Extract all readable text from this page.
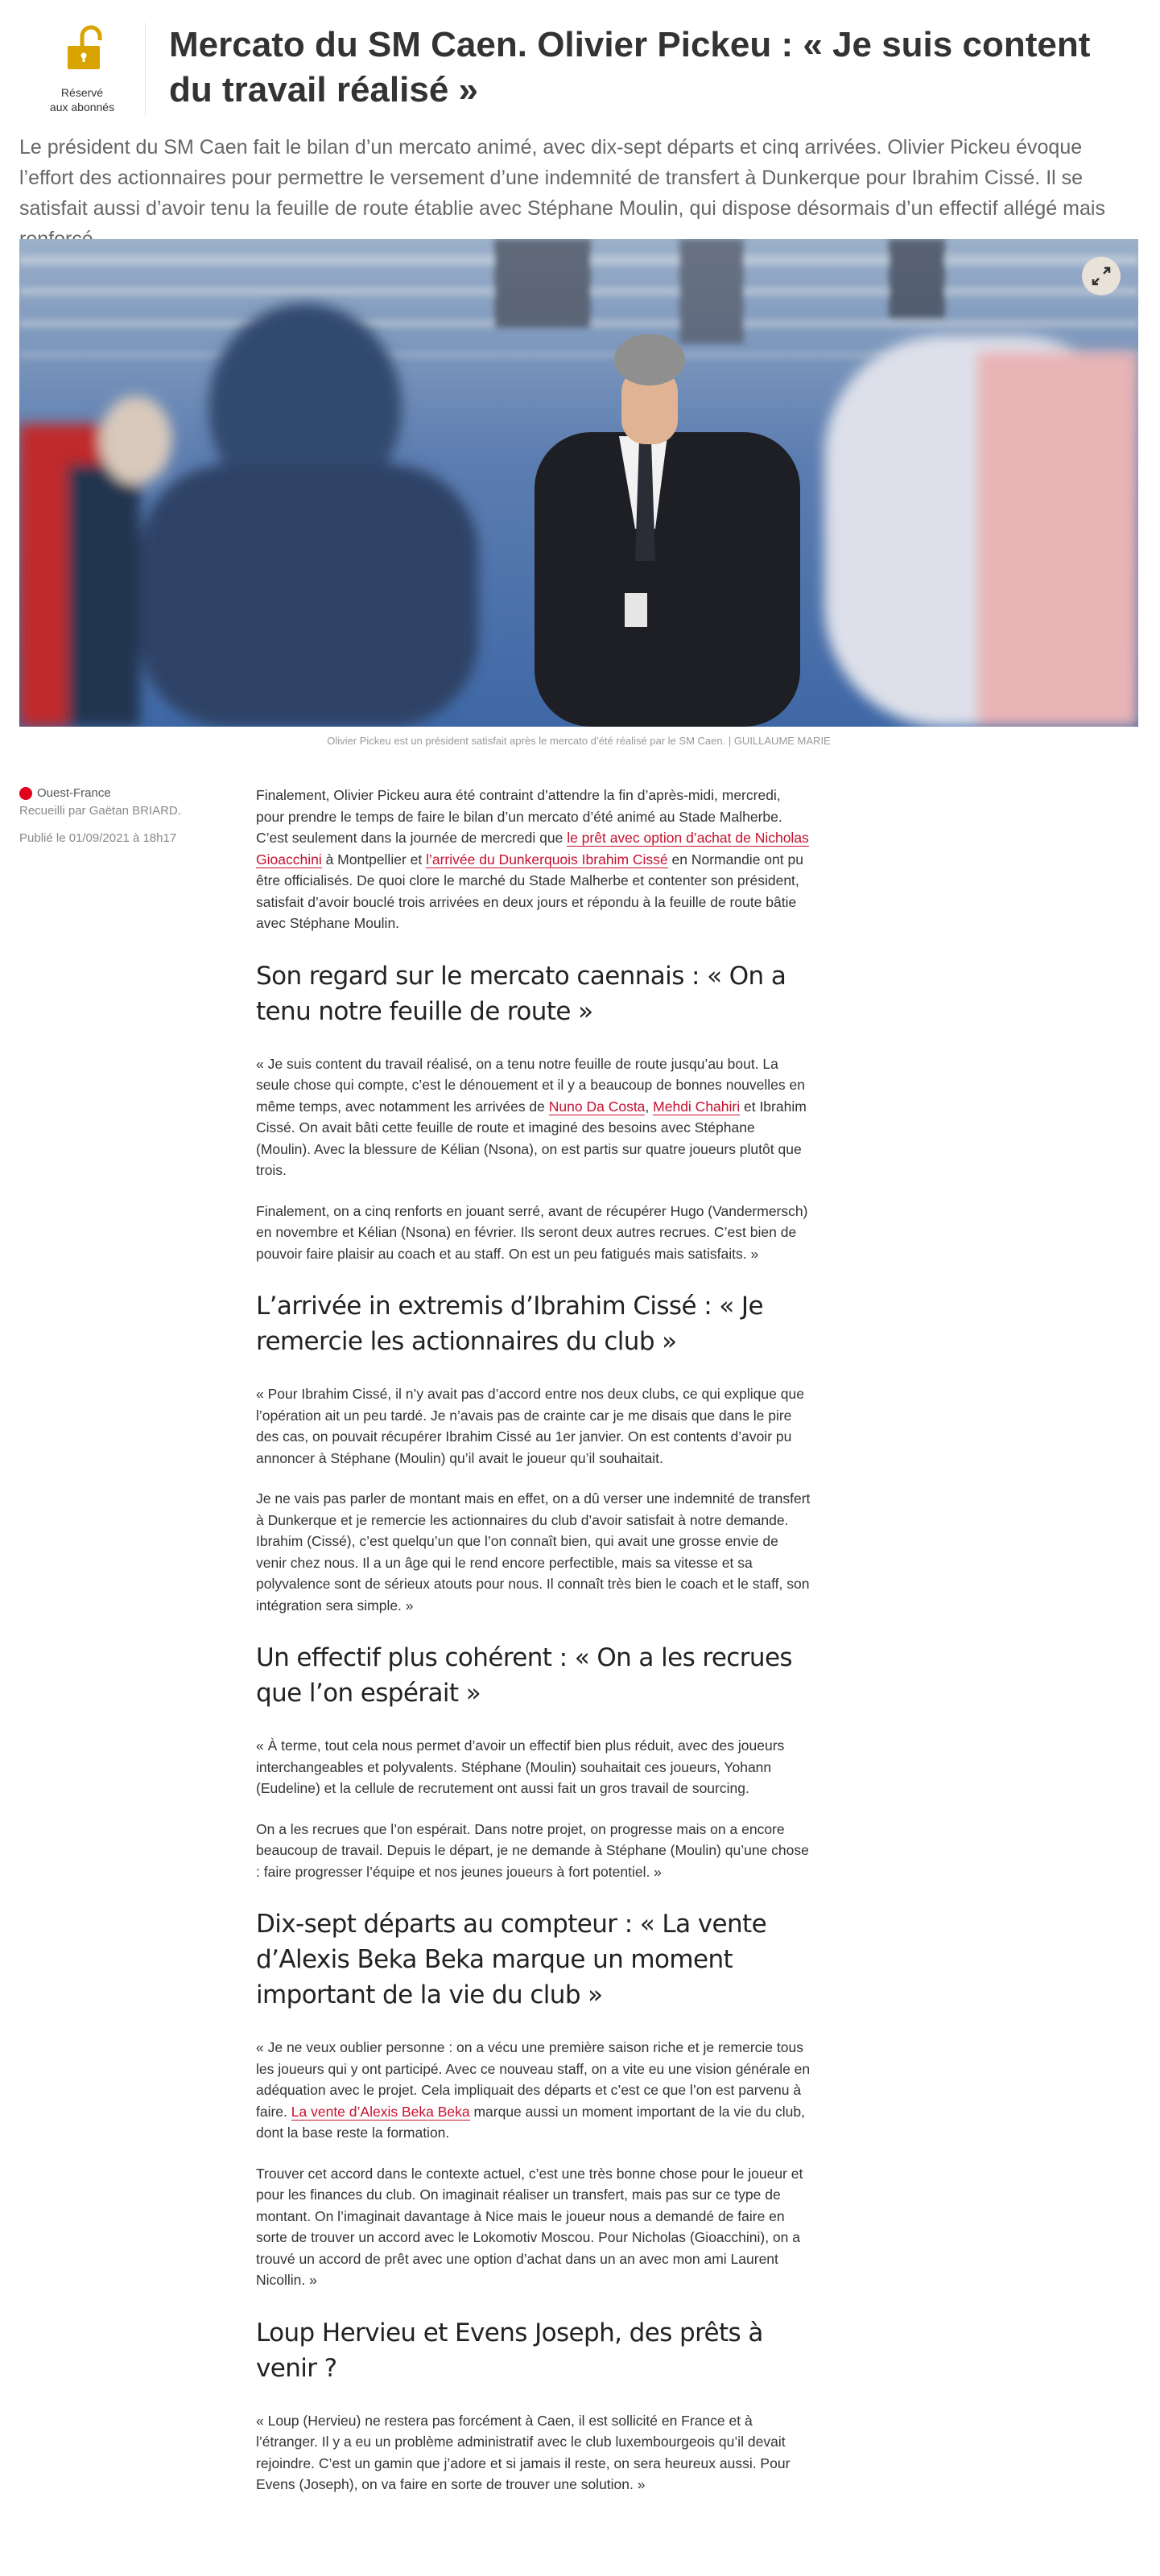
Réservé
aux abonnés
Mercato du SM Caen. Olivier Pickeu : « Je suis content du travail réalisé »

Le président du SM Caen fait le bilan d’un mercato animé, avec dix-sept départs et cinq arrivées. Olivier Pickeu évoque l’effort des actionnaires pour permettre le versement d’une indemnité de transfert à Dunkerque pour Ibrahim Cissé. Il se satisfait aussi d’avoir tenu la feuille de route établie avec Stéphane Moulin, qui dispose désormais d’un effectif allégé mais

Olivier Pickeu est un président satisfait après le mercato d’été réalisé par le SM Caen. | GUILLAUME MARIE
Ouest-France
Recueilli par Gaëtan BRIARD.
Publié le 01/09/2021 à 18h17

Finalement, Olivier Pickeu aura été contraint d’attendre la fin d’après-midi, mercredi, pour prendre le temps de faire le bilan d’un mercato d’été animé au Stade Malherbe. C’est seulement dans la journée de mercredi que le prêt avec option d’achat de Nicholas Gioacchini à Montpellier et l’arrivée du Dunkerquois Ibrahim Cissé en Normandie ont pu être officialisés. De quoi clore le marché du Stade Malherbe et contenter son président, satisfait d’avoir bouclé trois arrivées en deux jours et répondu à la feuille de route bâtie avec Stéphane Moulin.

Son regard sur le mercato caennais : « On a tenu notre feuille de route »

« Je suis content du travail réalisé, on a tenu notre feuille de route jusqu’au bout. La seule chose qui compte, c’est le dénouement et il y a beaucoup de bonnes nouvelles en même temps, avec notamment les arrivées de Nuno Da Costa, Mehdi Chahiri et Ibrahim Cissé. On avait bâti cette feuille de route et imaginé des besoins avec Stéphane (Moulin). Avec la blessure de Kélian (Nsona), on est partis sur quatre joueurs plutôt que trois.

Finalement, on a cinq renforts en jouant serré, avant de récupérer Hugo (Vandermersch) en novembre et Kélian (Nsona) en février. Ils seront deux autres recrues. C’est bien de pouvoir faire plaisir au coach et au staff. On est un peu fatigués mais satisfaits. »

L’arrivée in extremis d’Ibrahim Cissé : « Je remercie les actionnaires du club »

« Pour Ibrahim Cissé, il n’y avait pas d’accord entre nos deux clubs, ce qui explique que l’opération ait un peu tardé. Je n’avais pas de crainte car je me disais que dans le pire des cas, on pouvait récupérer Ibrahim Cissé au 1er janvier. On est contents d’avoir pu annoncer à Stéphane (Moulin) qu’il avait le joueur qu’il souhaitait.

Je ne vais pas parler de montant mais en effet, on a dû verser une indemnité de transfert à Dunkerque et je remercie les actionnaires du club d’avoir satisfait à notre demande. Ibrahim (Cissé), c’est quelqu’un que l’on connaît bien, qui avait une grosse envie de venir chez nous. Il a un âge qui le rend encore perfectible, mais sa vitesse et sa polyvalence sont de sérieux atouts pour nous. Il connaît très bien le coach et le staff, son intégration sera simple. »

Un effectif plus cohérent : « On a les recrues que l’on espérait »

« À terme, tout cela nous permet d’avoir un effectif bien plus réduit, avec des joueurs interchangeables et polyvalents. Stéphane (Moulin) souhaitait ces joueurs, Yohann (Eudeline) et la cellule de recrutement ont aussi fait un gros travail de sourcing.

On a les recrues que l’on espérait. Dans notre projet, on progresse mais on a encore beaucoup de travail. Depuis le départ, je ne demande à Stéphane (Moulin) qu’une chose : faire progresser l’équipe et nos jeunes joueurs à fort potentiel. »

Dix-sept départs au compteur : « La vente d’Alexis Beka Beka marque un moment important de la vie du club »

« Je ne veux oublier personne : on a vécu une première saison riche et je remercie tous les joueurs qui y ont participé. Avec ce nouveau staff, on a vite eu une vision générale en adéquation avec le projet. Cela impliquait des départs et c’est ce que l’on est parvenu à faire. La vente d’Alexis Beka Beka marque aussi un moment important de la vie du club, dont la base reste la formation.

Trouver cet accord dans le contexte actuel, c’est une très bonne chose pour le joueur et pour les finances du club. On imaginait réaliser un transfert, mais pas sur ce type de montant. On l’imaginait davantage à Nice mais le joueur nous a demandé de faire en sorte de trouver un accord avec le Lokomotiv Moscou. Pour Nicholas (Gioacchini), on a trouvé un accord de prêt avec une option d’achat dans un an avec mon ami Laurent Nicollin. »

Loup Hervieu et Evens Joseph, des prêts à venir ?

« Loup (Hervieu) ne restera pas forcément à Caen, il est sollicité en France et à l’étranger. Il y a eu un problème administratif avec le club luxembourgeois qu’il devait rejoindre. C’est un gamin que j’adore et si jamais il reste, on sera heureux aussi. Pour Evens (Joseph), on va faire en sorte de trouver une solution. »
